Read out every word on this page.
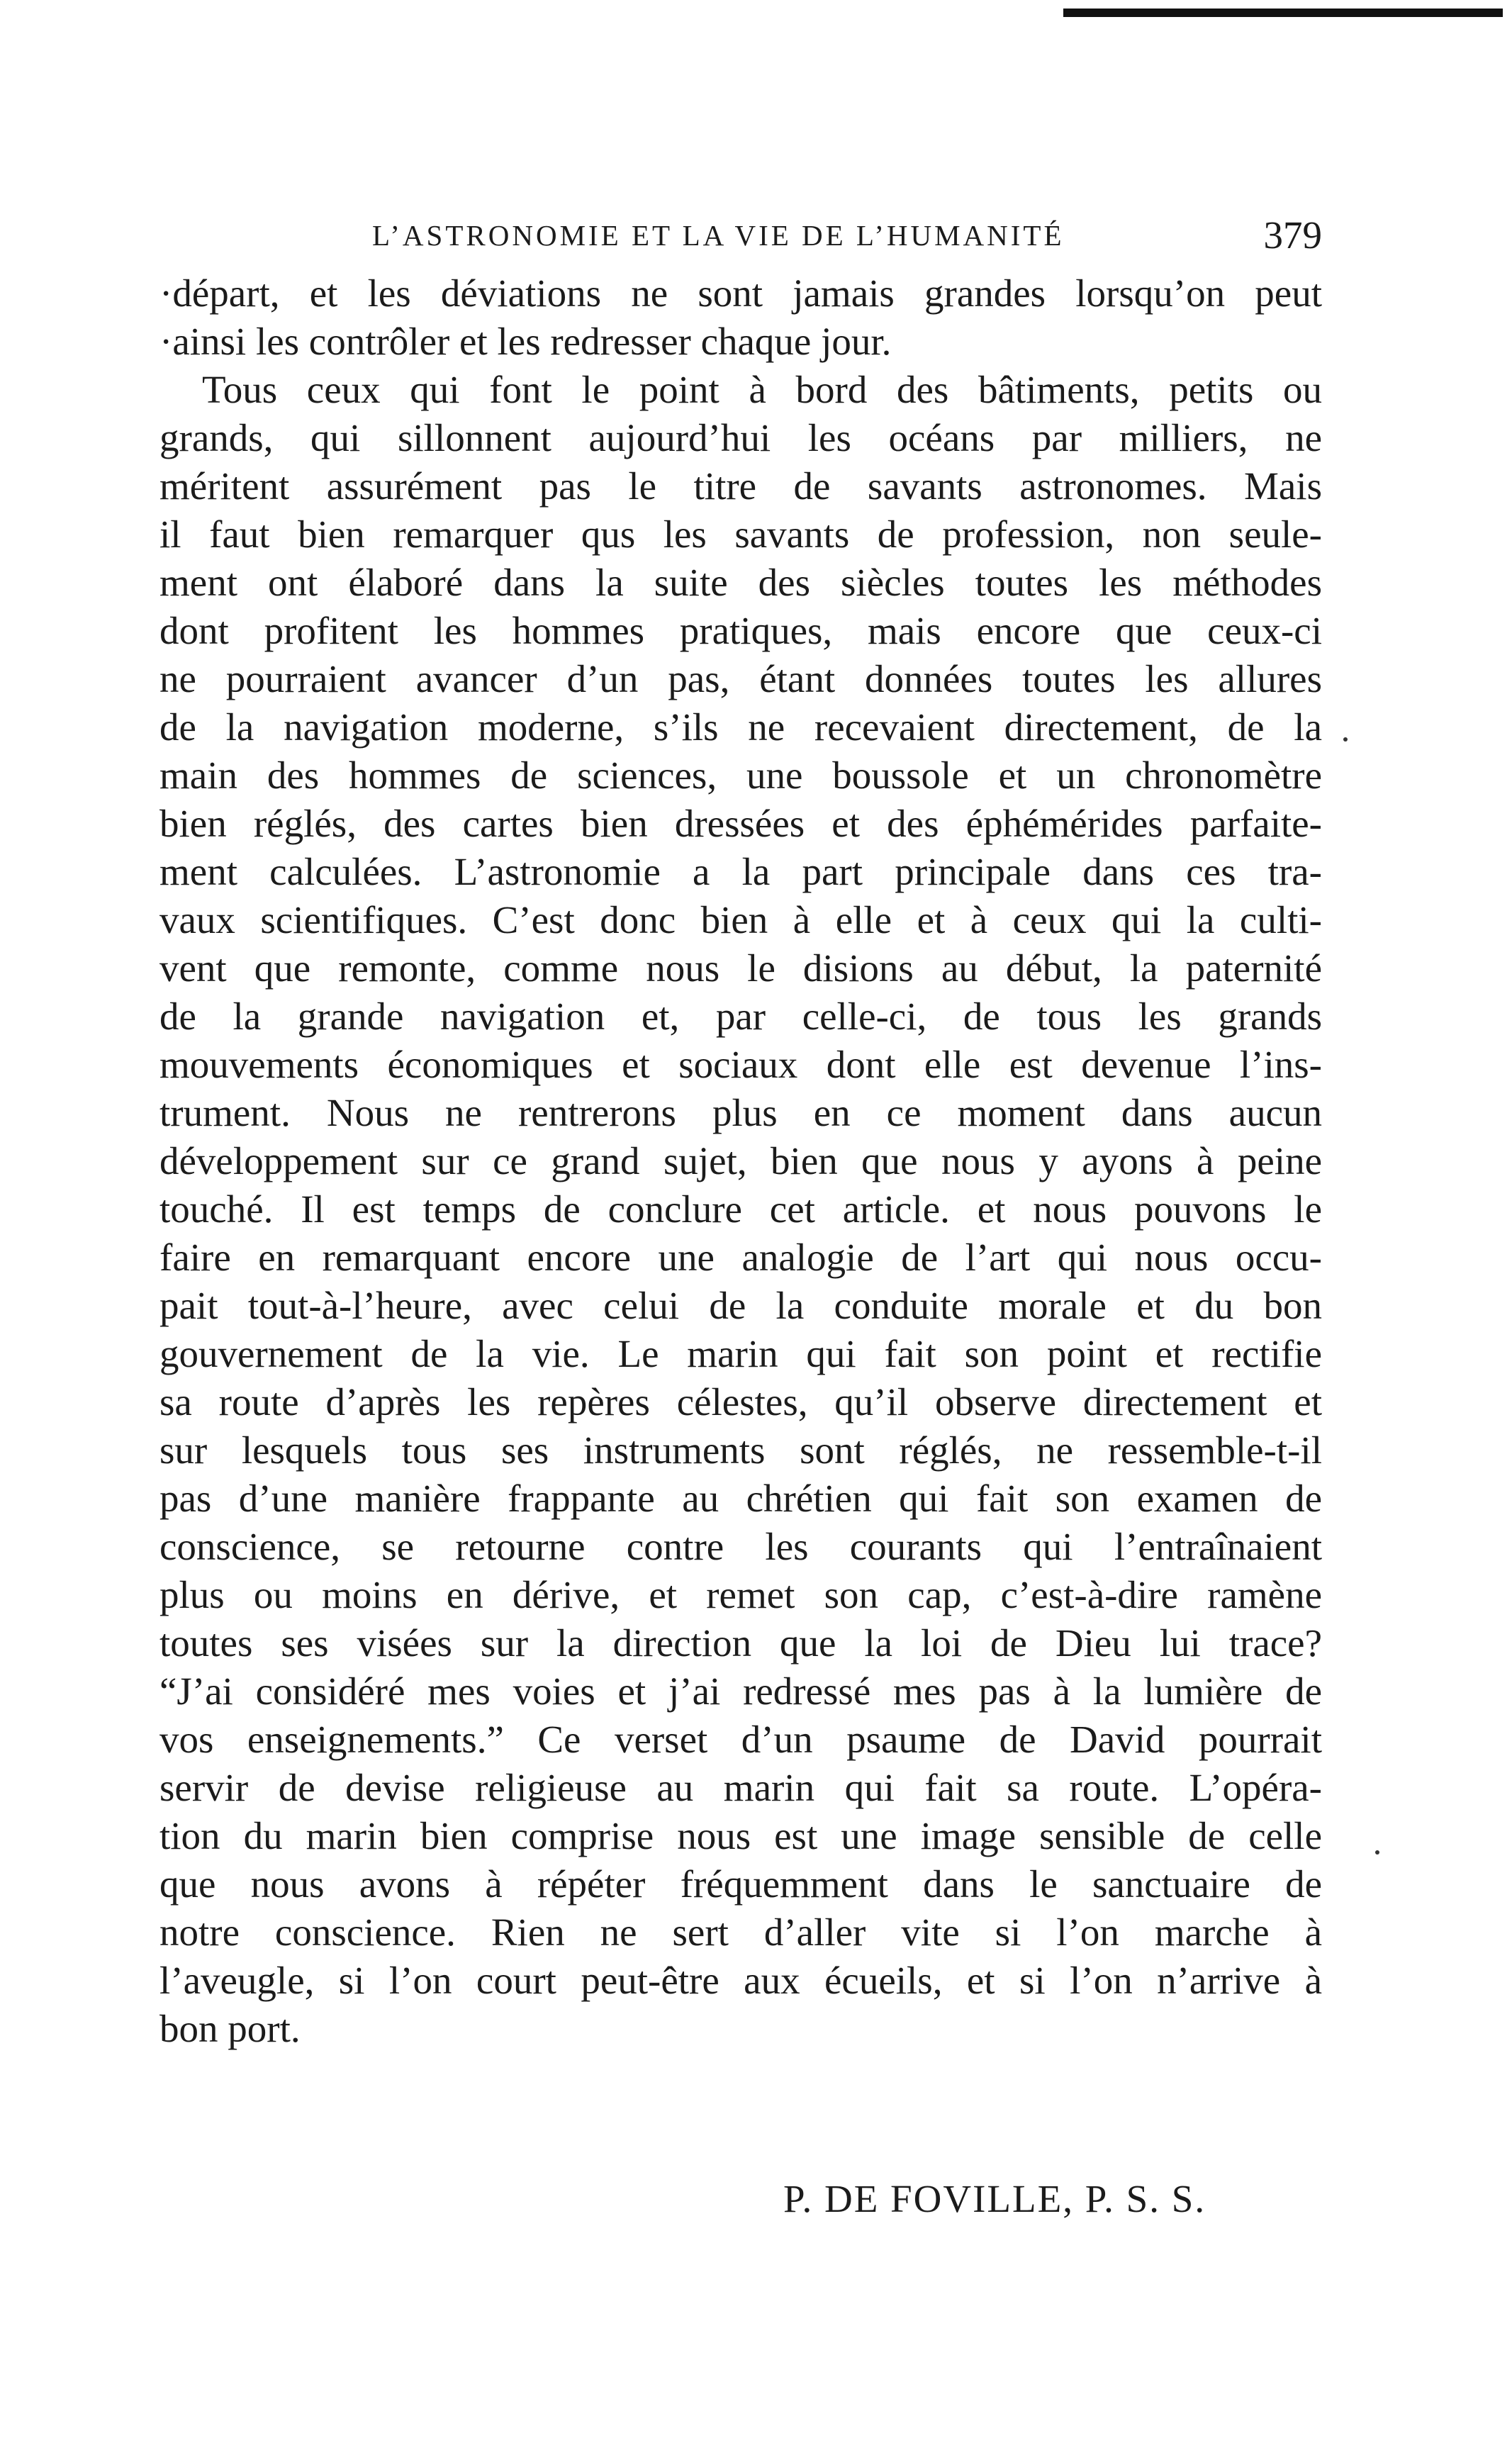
L’ASTRONOMIE ET LA VIE DE L’HUMANITÉ	379
·départ, et les déviations ne sont jamais grandes lorsqu’on peut
·ainsi les contrôler et les redresser chaque jour.
Tous ceux qui font le point à bord des bâtiments, petits ou
grands, qui sillonnent aujourd’hui les océans par milliers, ne
méritent assurément pas le titre de savants astronomes. Mais
il faut bien remarquer qus les savants de profession, non seule-
ment ont élaboré dans la suite des siècles toutes les méthodes
dont profitent les hommes pratiques, mais encore que ceux-ci
ne pourraient avancer d’un pas, étant données toutes les allures
de la navigation moderne, s’ils ne recevaient directement, de la
main des hommes de sciences, une boussole et un chronomètre
bien réglés, des cartes bien dressées et des éphémérides parfaite-
ment calculées. L’astronomie a la part principale dans ces tra-
vaux scientifiques. C’est donc bien à elle et à ceux qui la culti-
vent que remonte, comme nous le disions au début, la paternité
de la grande navigation et, par celle-ci, de tous les grands
mouvements économiques et sociaux dont elle est devenue l’ins-
trument. Nous ne rentrerons plus en ce moment dans aucun
développement sur ce grand sujet, bien que nous y ayons à peine
touché. Il est temps de conclure cet article. et nous pouvons le
faire en remarquant encore une analogie de l’art qui nous occu-
pait tout-à-l’heure, avec celui de la conduite morale et du bon
gouvernement de la vie. Le marin qui fait son point et rectifie
sa route d’après les repères célestes, qu’il observe directement et
sur lesquels tous ses instruments sont réglés, ne ressemble-t-il
pas d’une manière frappante au chrétien qui fait son examen de
conscience, se retourne contre les courants qui l’entraînaient
plus ou moins en dérive, et remet son cap, c’est-à-dire ramène
toutes ses visées sur la direction que la loi de Dieu lui trace?
“J’ai considéré mes voies et j’ai redressé mes pas à la lumière de
vos enseignements.” Ce verset d’un psaume de David pourrait
servir de devise religieuse au marin qui fait sa route. L’opéra-
tion du marin bien comprise nous est une image sensible de celle
que nous avons à répéter fréquemment dans le sanctuaire de
notre conscience. Rien ne sert d’aller vite si l’on marche à
l’aveugle, si l’on court peut-être aux écueils, et si l’on n’arrive à
bon port.
P. DE FOVILLE, P. S. S.
